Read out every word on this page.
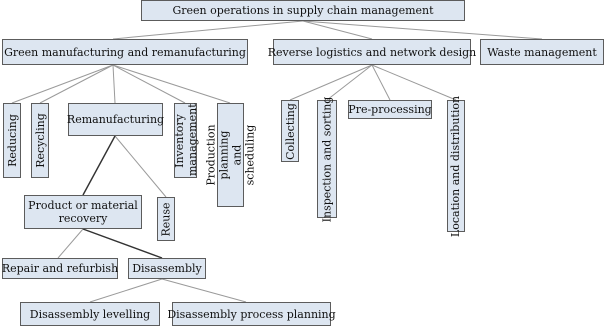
Green operations in supply chain management
Green manufacturing and remanufacturing Reverse logistics and network design Waste management
Reducing Recycling Remanufacturing Inventory management Production planning and scheduling
Product or material recovery	Reuse
Repair and refurbish Disassembly
Disassembly levelling Disassembly process planning
Collecting Inspection and sorting Pre-processing Location and distribution
